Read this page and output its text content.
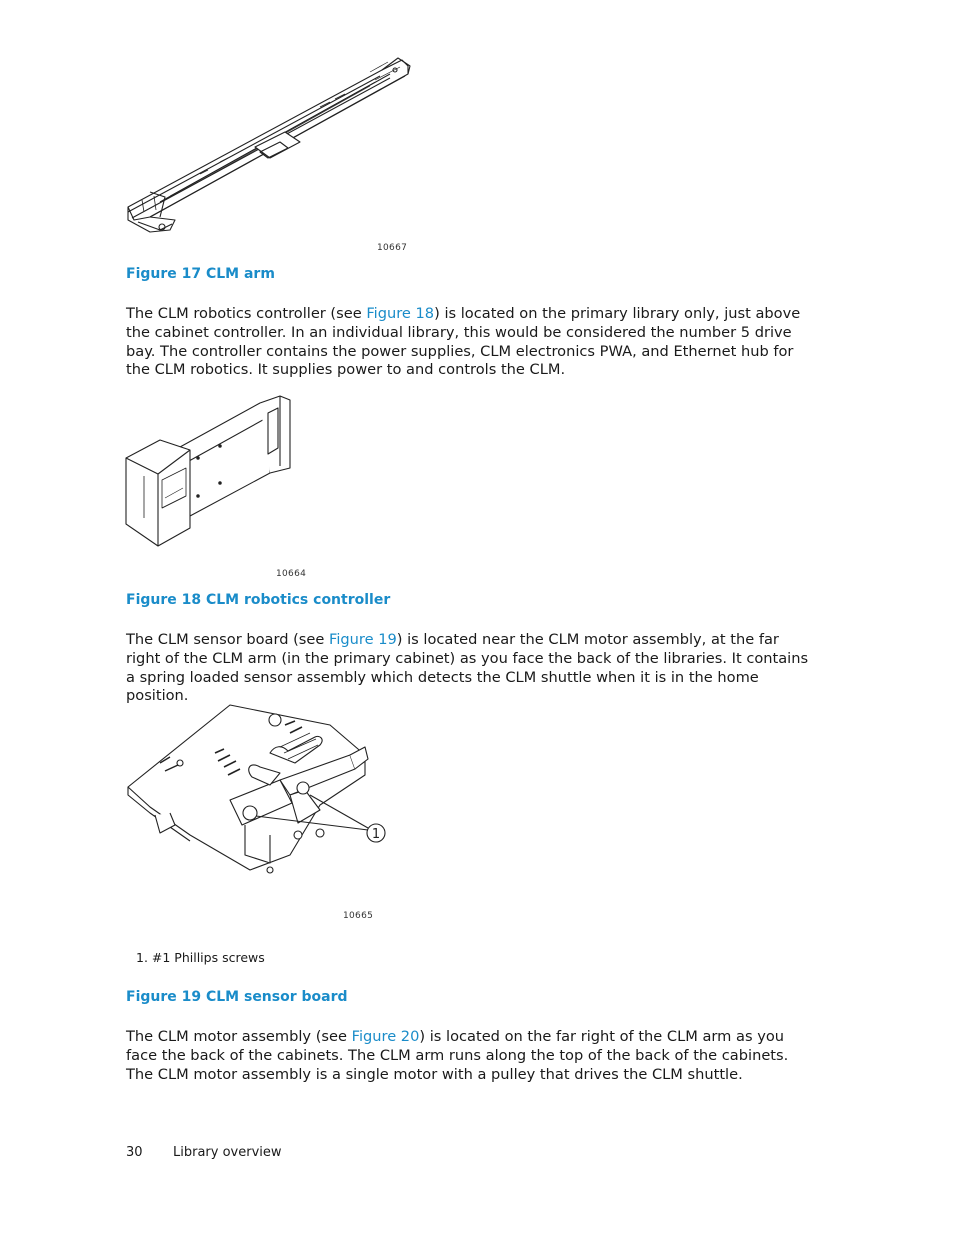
10667
Figure 17 CLM arm
The CLM robotics controller (see Figure 18) is located on the primary library only, just above the cabinet controller. In an individual library, this would be considered the number 5 drive bay. The controller contains the power supplies, CLM electronics PWA, and Ethernet hub for the CLM robotics. It supplies power to and controls the CLM.
10664
Figure 18 CLM robotics controller
The CLM sensor board (see Figure 19) is located near the CLM motor assembly, at the far right of the CLM arm (in the primary cabinet) as you face the back of the libraries. It contains a spring loaded sensor assembly which detects the CLM shuttle when it is in the home position.
1
10665
1. #1 Phillips screws
Figure 19 CLM sensor board
The CLM motor assembly (see Figure 20) is located on the far right of the CLM arm as you face the back of the cabinets. The CLM arm runs along the top of the back of the cabinets. The CLM motor assembly is a single motor with a pulley that drives the CLM shuttle.
30 Library overview
